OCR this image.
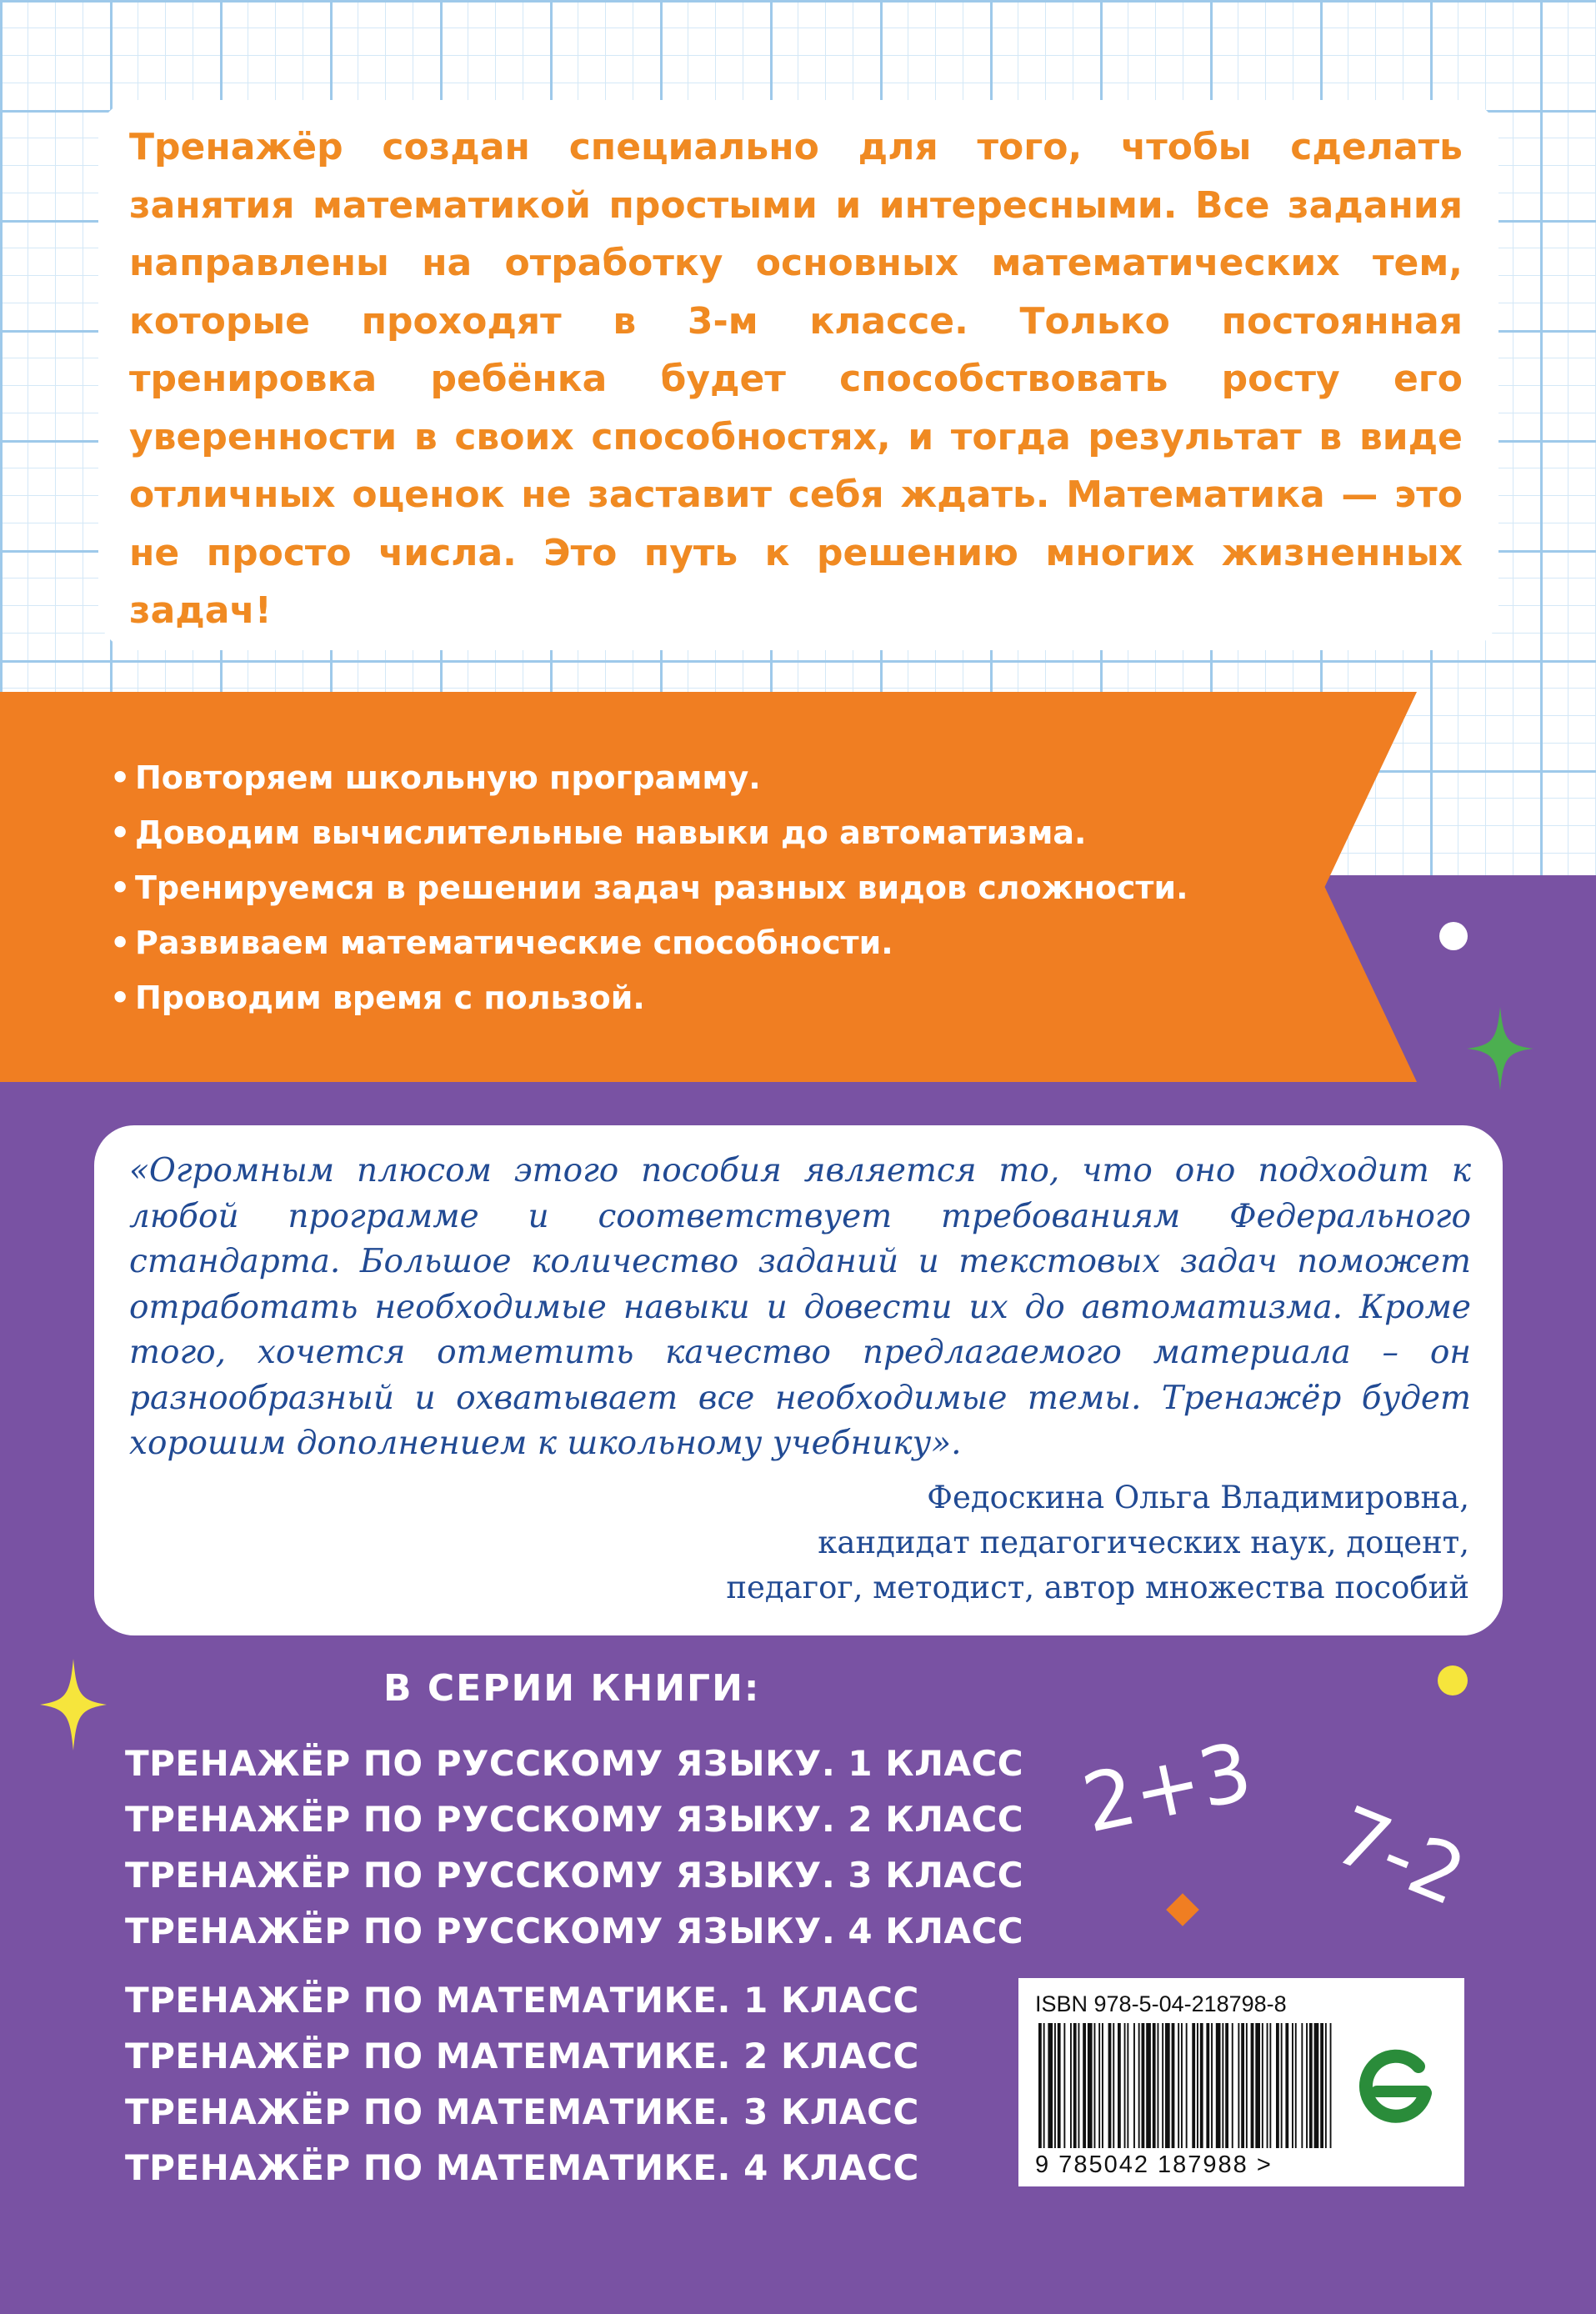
Тренажёр создан специально для того, чтобы сделать занятия математикой простыми и интересными. Все задания направлены на отработку основных математических тем, которые проходят в 3-м классе. Только постоянная тренировка ребёнка будет способствовать росту его уверенности в своих способностях, и тогда результат в виде отличных оценок не заставит себя ждать. Математика — это не просто числа. Это путь к решению многих жизненных задач!

• Повторяем школьную программу.
• Доводим вычислительные навыки до автоматизма.
• Тренируемся в решении задач разных видов сложности.
• Развиваем математические способности.
• Проводим время с пользой.

«Огромным плюсом этого пособия является то, что оно подходит к любой программе и соответствует требованиям Федерального стандарта. Большое количество заданий и текстовых задач поможет отработать необходимые навыки и довести их до автоматизма. Кроме того, хочется отметить качество предлагаемого материала – он разнообразный и охватывает все необходимые темы. Тренажёр будет хорошим дополнением к школьному учебнику».

Федоскина Ольга Владимировна,
кандидат педагогических наук, доцент,
педагог, методист, автор множества пособий
В СЕРИИ КНИГИ:
ТРЕНАЖЁР ПО РУССКОМУ ЯЗЫКУ. 1 КЛАСС
ТРЕНАЖЁР ПО РУССКОМУ ЯЗЫКУ. 2 КЛАСС
ТРЕНАЖЁР ПО РУССКОМУ ЯЗЫКУ. 3 КЛАСС
ТРЕНАЖЁР ПО РУССКОМУ ЯЗЫКУ. 4 КЛАСС
ТРЕНАЖЁР ПО МАТЕМАТИКЕ. 1 КЛАСС
ТРЕНАЖЁР ПО МАТЕМАТИКЕ. 2 КЛАСС
ТРЕНАЖЁР ПО МАТЕМАТИКЕ. 3 КЛАСС
ТРЕНАЖЁР ПО МАТЕМАТИКЕ. 4 КЛАСС
2+3
7-2
ISBN 978-5-04-218798-8
9 785042 187988 >
